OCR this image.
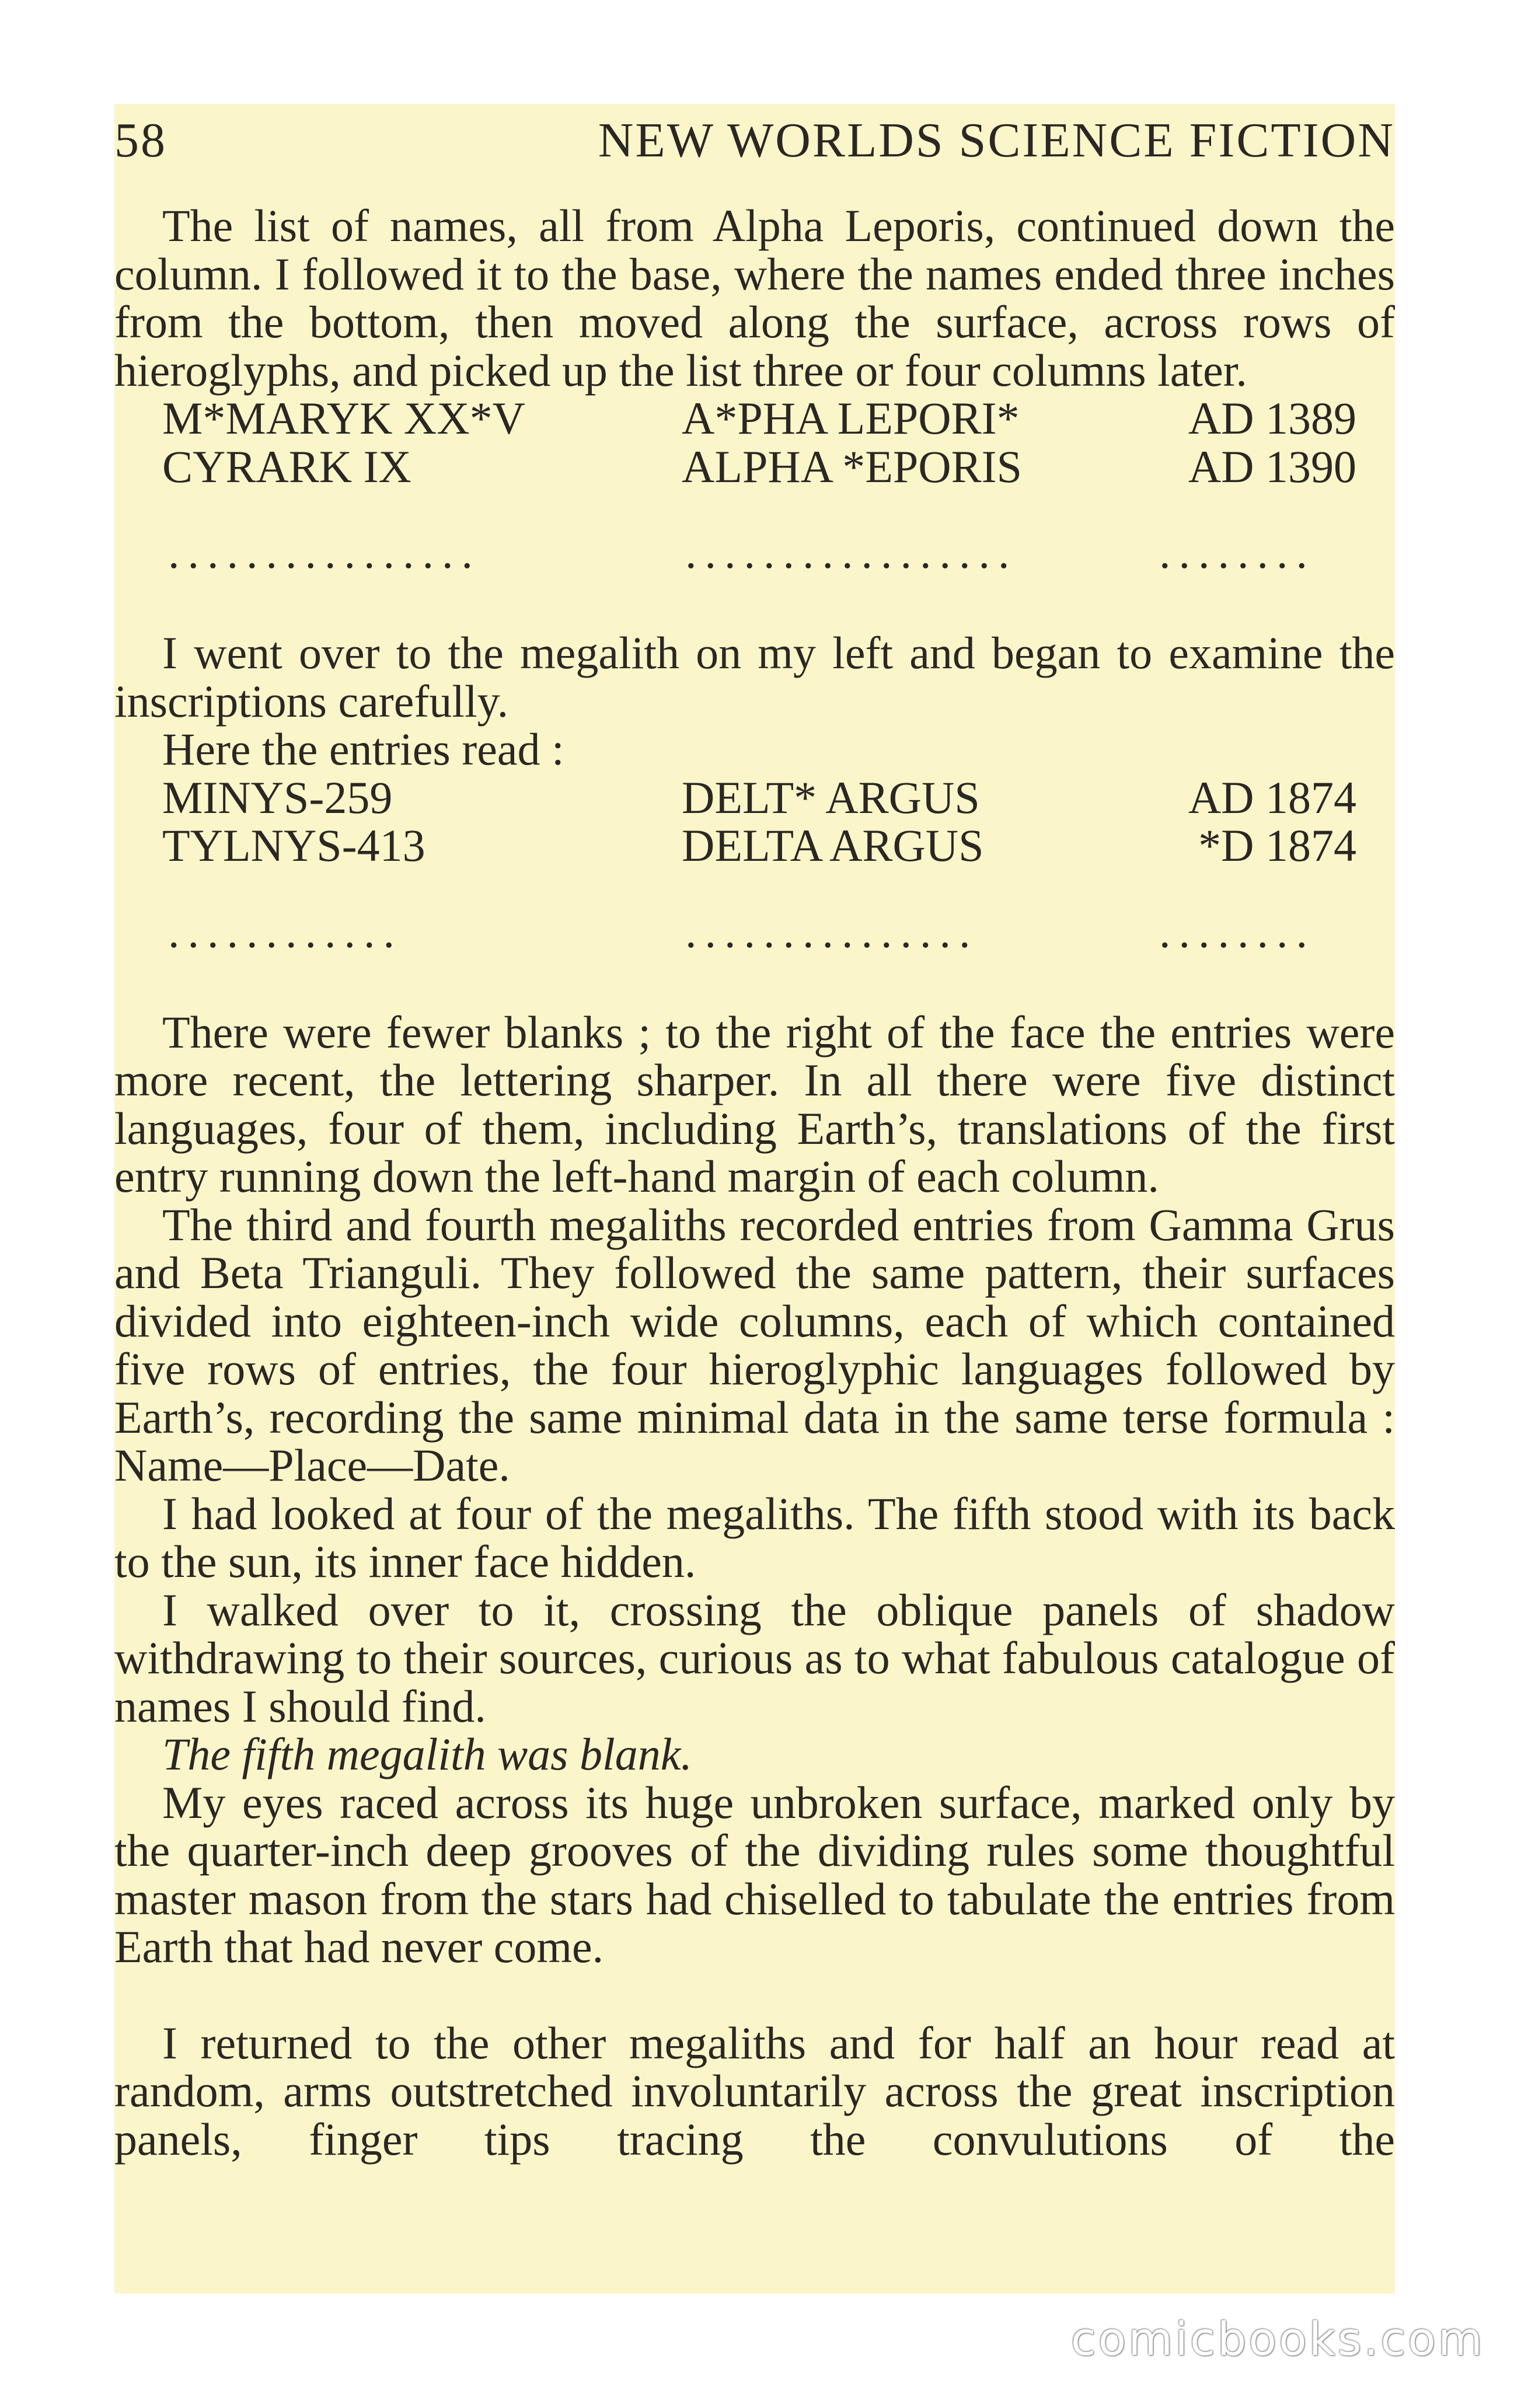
58	NEW WORLDS SCIENCE FICTION

The list of names, all from Alpha Leporis, continued down the column. I followed it to the base, where the names ended three inches from the bottom, then moved along the surface, across rows of hieroglyphs, and picked up the list three or four columns later.

M*MARYK XX*V	A*PHA LEPORI*	AD 1389
CYRARK IX	ALPHA *EPORIS	AD 1390
................	.................	........

I went over to the megalith on my left and began to examine the inscriptions carefully.

Here the entries read :

MINYS-259	DELT* ARGUS	AD 1874
TYLNYS-413	DELTA ARGUS	*D 1874
............	...............	........

There were fewer blanks ; to the right of the face the entries were more recent, the lettering sharper. In all there were five distinct languages, four of them, including Earth’s, translations of the first entry running down the left-hand margin of each column.

The third and fourth megaliths recorded entries from Gamma Grus and Beta Trianguli. They followed the same pattern, their surfaces divided into eighteen-inch wide columns, each of which contained five rows of entries, the four hieroglyphic languages followed by Earth’s, recording the same minimal data in the same terse formula : Name—Place—Date.

I had looked at four of the megaliths. The fifth stood with its back to the sun, its inner face hidden.

I walked over to it, crossing the oblique panels of shadow withdrawing to their sources, curious as to what fabulous catalogue of names I should find.

The fifth megalith was blank.

My eyes raced across its huge unbroken surface, marked only by the quarter-inch deep grooves of the dividing rules some thoughtful master mason from the stars had chiselled to tabulate the entries from Earth that had never come.

I returned to the other megaliths and for half an hour read at random, arms outstretched involuntarily across the great inscription panels, finger tips tracing the convulutions of the

comicbooks.com
